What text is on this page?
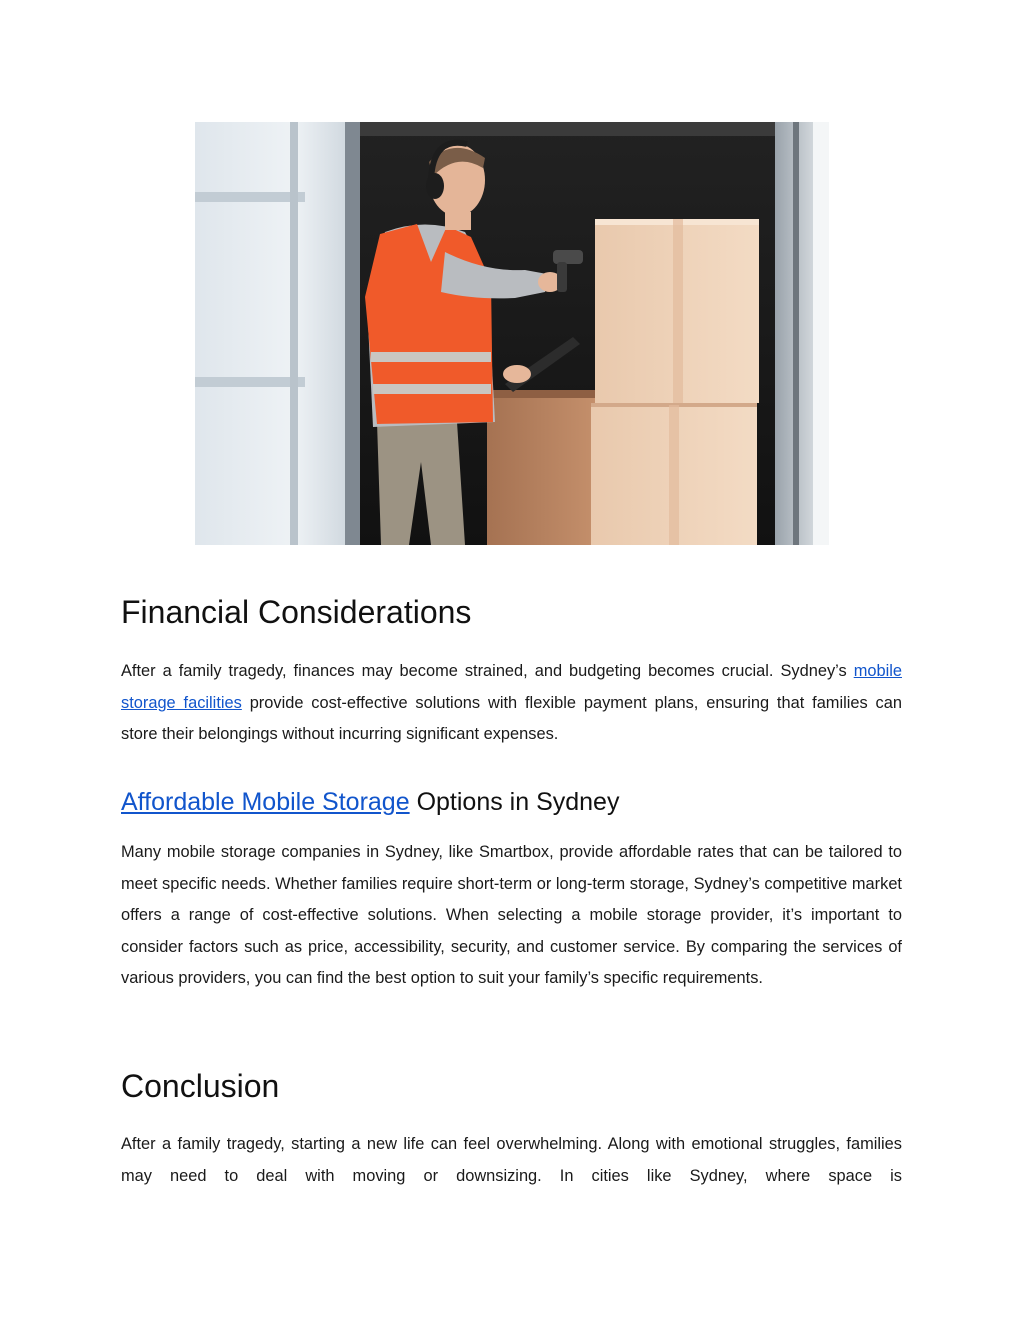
Financial Considerations

After a family tragedy, finances may become strained, and budgeting becomes crucial. Sydney’s mobile storage facilities provide cost-effective solutions with flexible payment plans, ensuring that families can store their belongings without incurring significant expenses.

Affordable Mobile Storage Options in Sydney

Many mobile storage companies in Sydney, like Smartbox, provide affordable rates that can be tailored to meet specific needs. Whether families require short-term or long-term storage, Sydney’s competitive market offers a range of cost-effective solutions. When selecting a mobile storage provider, it’s important to consider factors such as price, accessibility, security, and customer service. By comparing the services of various providers, you can find the best option to suit your family’s specific requirements.

Conclusion

After a family tragedy, starting a new life can feel overwhelming. Along with emotional struggles, families may need to deal with moving or downsizing. In cities like Sydney, where space is
